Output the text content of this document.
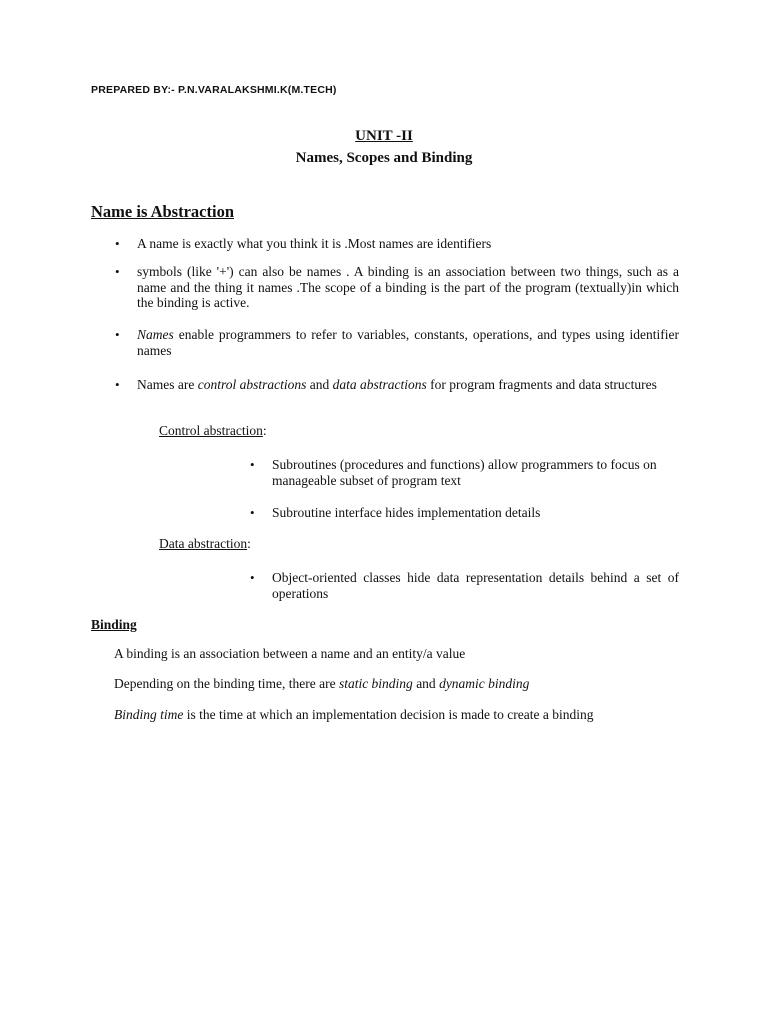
PREPARED BY:- P.N.VARALAKSHMI.K(M.TECH)
UNIT -II
Names, Scopes and Binding
Name is Abstraction
• A name is exactly what you think it is .Most names are identifiers
• symbols (like '+') can also be names . A binding is an association between two things, such as a name and the thing it names .The scope of a binding is the part of the program (textually)in which the binding is active.
• Names enable programmers to refer to variables, constants, operations, and types using identifier names
• Names are control abstractions and data abstractions for program fragments and data structures
Control abstraction:
• Subroutines (procedures and functions) allow programmers to focus on manageable subset of program text
• Subroutine interface hides implementation details
Data abstraction:
• Object-oriented classes hide data representation details behind a set of operations
Binding
A binding is an association between a name and an entity/a value
Depending on the binding time, there are static binding and dynamic binding
Binding time is the time at which an implementation decision is made to create a binding
